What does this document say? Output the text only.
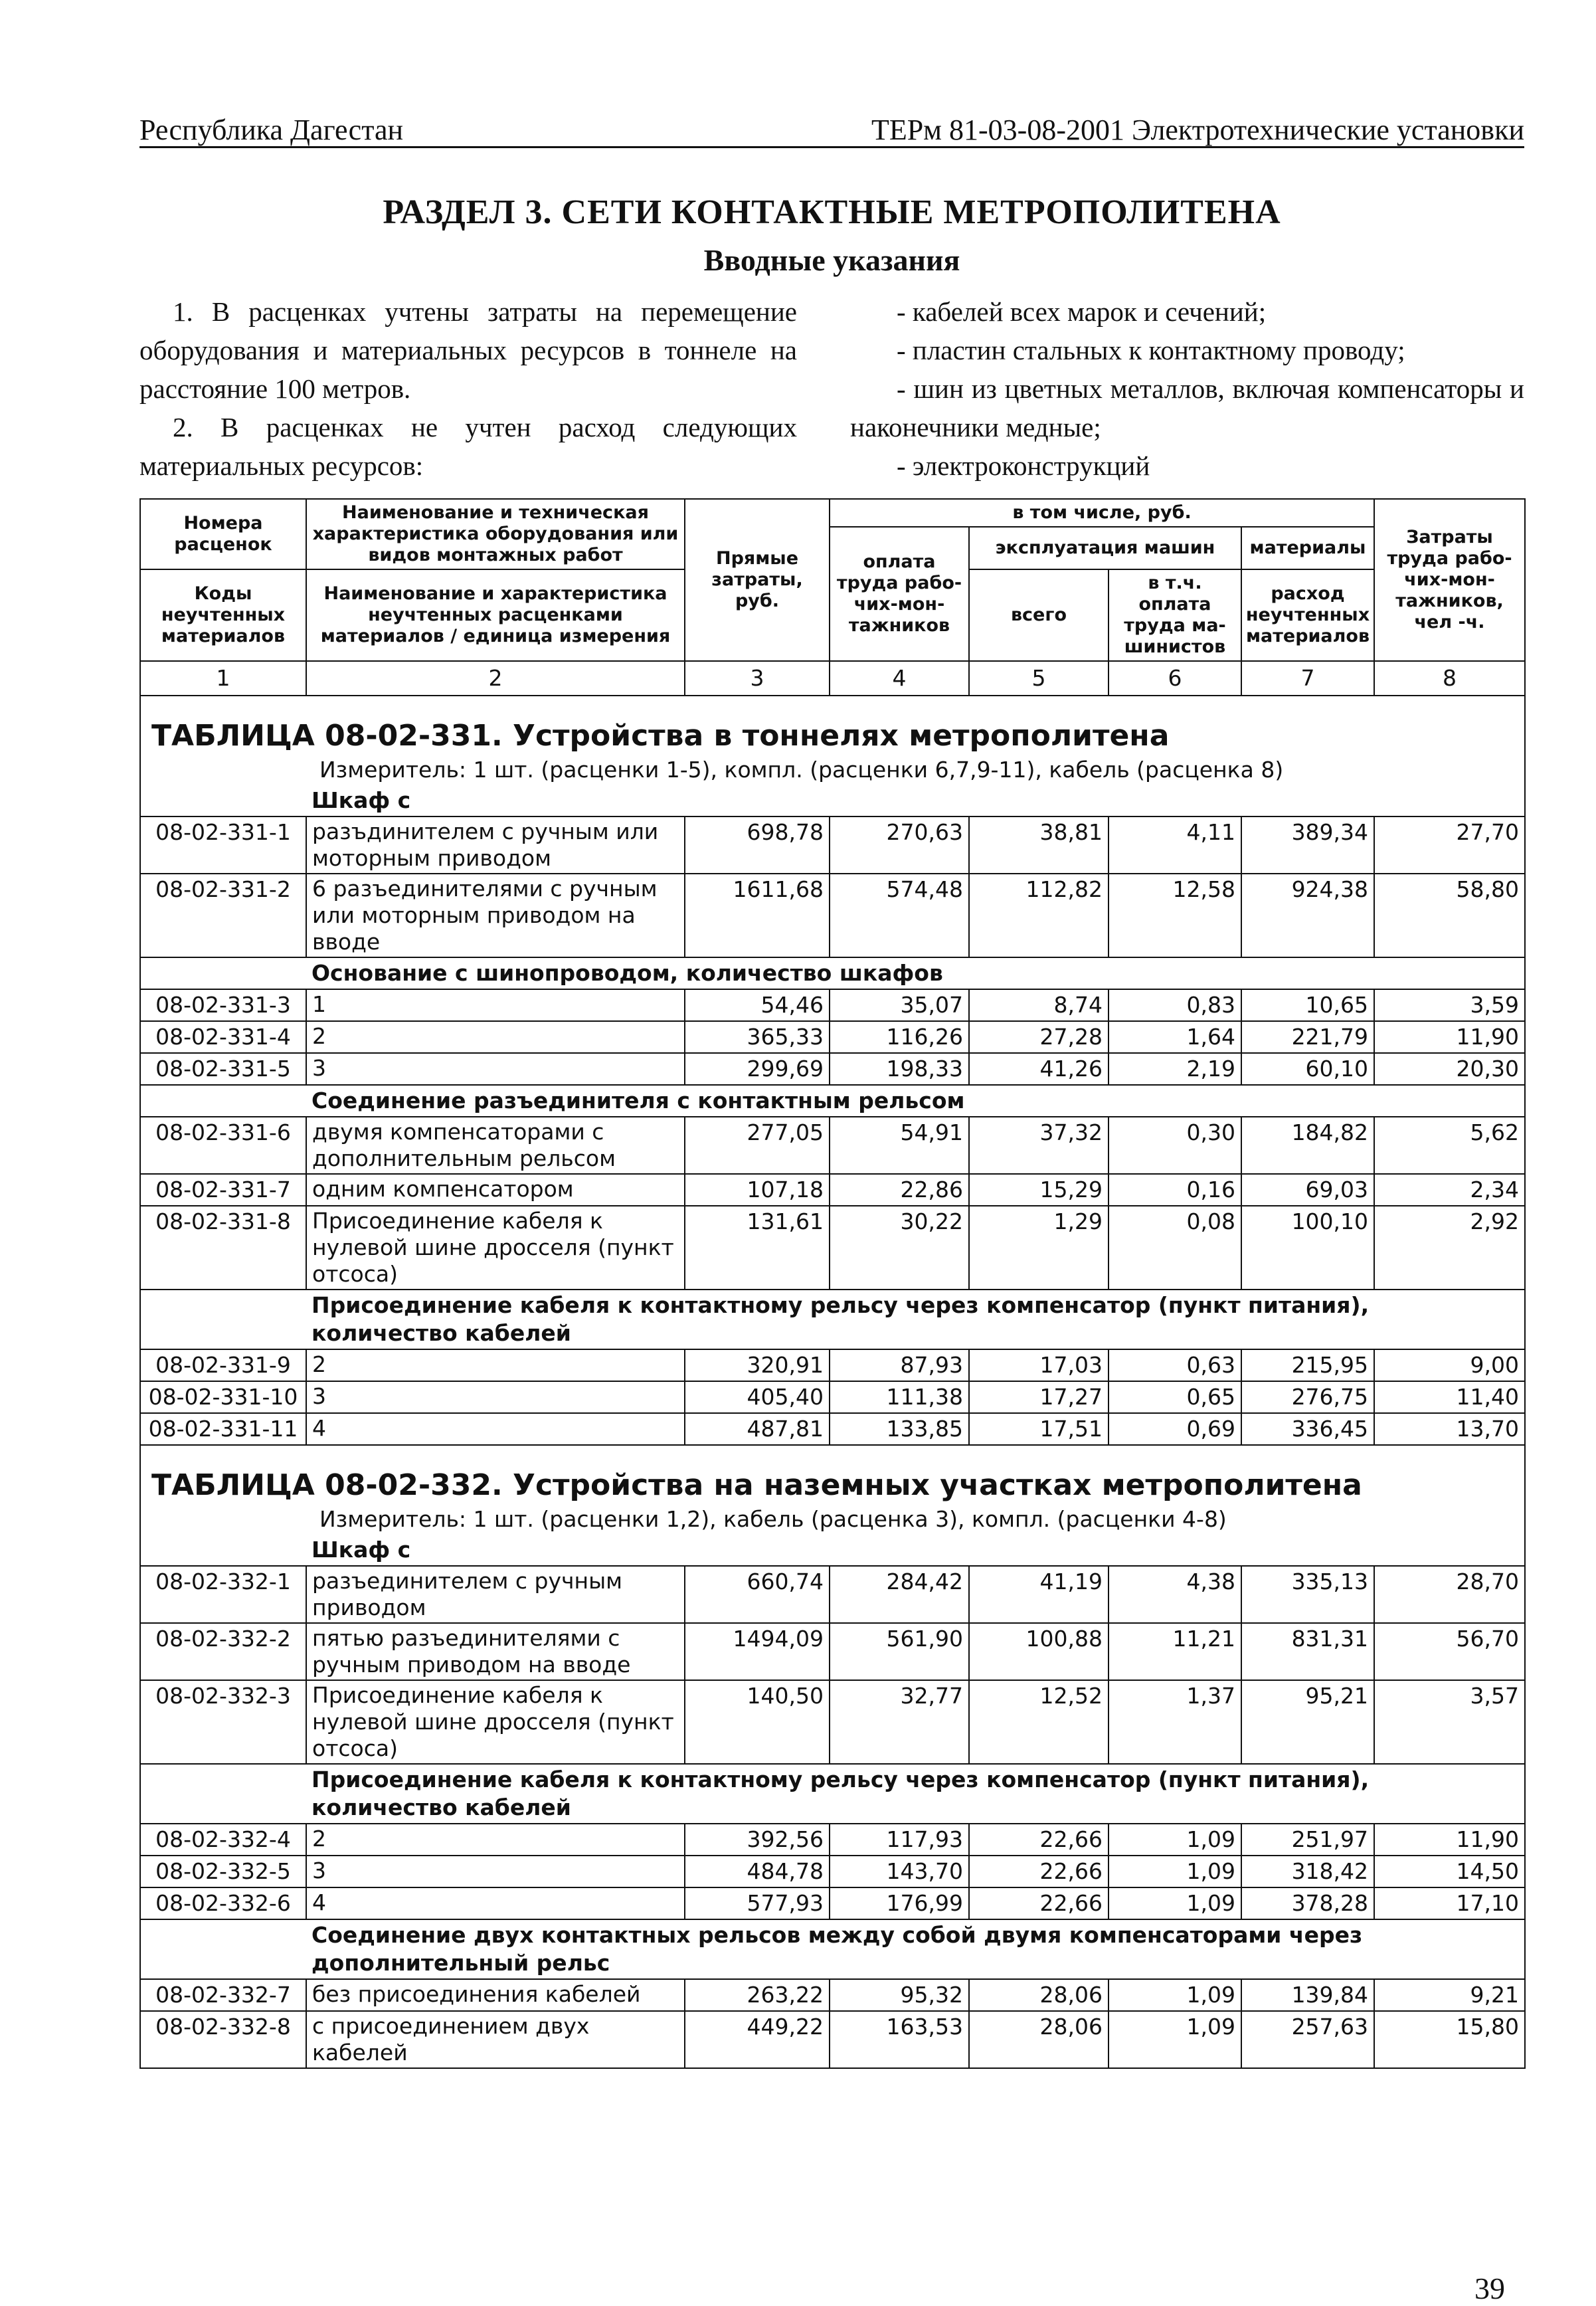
Республика Дагестан	ТЕРм 81-03-08-2001 Электротехнические установки
РАЗДЕЛ 3. СЕТИ КОНТАКТНЫЕ МЕТРОПОЛИТЕНА
Вводные указания

1. В расценках учтены затраты на перемещение оборудования и материальных ресурсов в тоннеле на расстояние 100 метров.

2. В расценках не учтен расход следующих материальных ресурсов:

- кабелей всех марок и сечений;

- пластин стальных к контактному проводу;

- шин из цветных металлов, включая компенсаторы и наконечники медные;

- электроконструкций

Номера расценок	Наименование и техническая характеристика оборудования или видов монтажных работ	Прямые затраты, руб.	в том числе, руб.				Затраты труда рабо-чих-мон-тажников, чел -ч.
			оплата труда рабо-чих-мон-тажников	эксплуатация машин		материалы	
Коды неучтенных материалов	Наименование и характеристика неучтенных расценками материалов / единица измерения			всего	в т.ч. оплата труда ма-шинистов	расход неучтенных материалов	

1	2	3	4	5	6	7	8
ТАБЛИЦА 08-02-331. Устройства в тоннелях метрополитена							
	Измеритель: 1 шт. (расценки 1-5), компл. (расценки 6,7,9-11), кабель (расценка 8)						
	Шкаф с						
08-02-331-1	разъдинителем с ручным или моторным приводом	698,78	270,63	38,81	4,11	389,34	27,70
08-02-331-2	6 разъединителями с ручным или моторным приводом на вводе	1611,68	574,48	112,82	12,58	924,38	58,80
	Основание с шинопроводом, количество шкафов						
08-02-331-3	1	54,46	35,07	8,74	0,83	10,65	3,59
08-02-331-4	2	365,33	116,26	27,28	1,64	221,79	11,90
08-02-331-5	3	299,69	198,33	41,26	2,19	60,10	20,30
	Соединение разъединителя с контактным рельсом						
08-02-331-6	двумя компенсаторами с дополнительным рельсом	277,05	54,91	37,32	0,30	184,82	5,62
08-02-331-7	одним компенсатором	107,18	22,86	15,29	0,16	69,03	2,34
08-02-331-8	Присоединение кабеля к нулевой шине дросселя (пункт отсоса)	131,61	30,22	1,29	0,08	100,10	2,92
	Присоединение кабеля к контактному рельсу через компенсатор (пункт питания), количество кабелей						
08-02-331-9	2	320,91	87,93	17,03	0,63	215,95	9,00
08-02-331-10	3	405,40	111,38	17,27	0,65	276,75	11,40
08-02-331-11	4	487,81	133,85	17,51	0,69	336,45	13,70
ТАБЛИЦА 08-02-332. Устройства на наземных участках метрополитена							
	Измеритель: 1 шт. (расценки 1,2), кабель (расценка 3), компл. (расценки 4-8)						
	Шкаф с						
08-02-332-1	разъединителем с ручным приводом	660,74	284,42	41,19	4,38	335,13	28,70
08-02-332-2	пятью разъединителями с ручным приводом на вводе	1494,09	561,90	100,88	11,21	831,31	56,70
08-02-332-3	Присоединение кабеля к нулевой шине дросселя (пункт отсоса)	140,50	32,77	12,52	1,37	95,21	3,57
	Присоединение кабеля к контактному рельсу через компенсатор (пункт питания), количество кабелей						
08-02-332-4	2	392,56	117,93	22,66	1,09	251,97	11,90
08-02-332-5	3	484,78	143,70	22,66	1,09	318,42	14,50
08-02-332-6	4	577,93	176,99	22,66	1,09	378,28	17,10
	Соединение двух контактных рельсов между собой двумя компенсаторами через дополнительный рельс						
08-02-332-7	без присоединения кабелей	263,22	95,32	28,06	1,09	139,84	9,21
08-02-332-8	с присоединением двух кабелей	449,22	163,53	28,06	1,09	257,63	15,80
39
